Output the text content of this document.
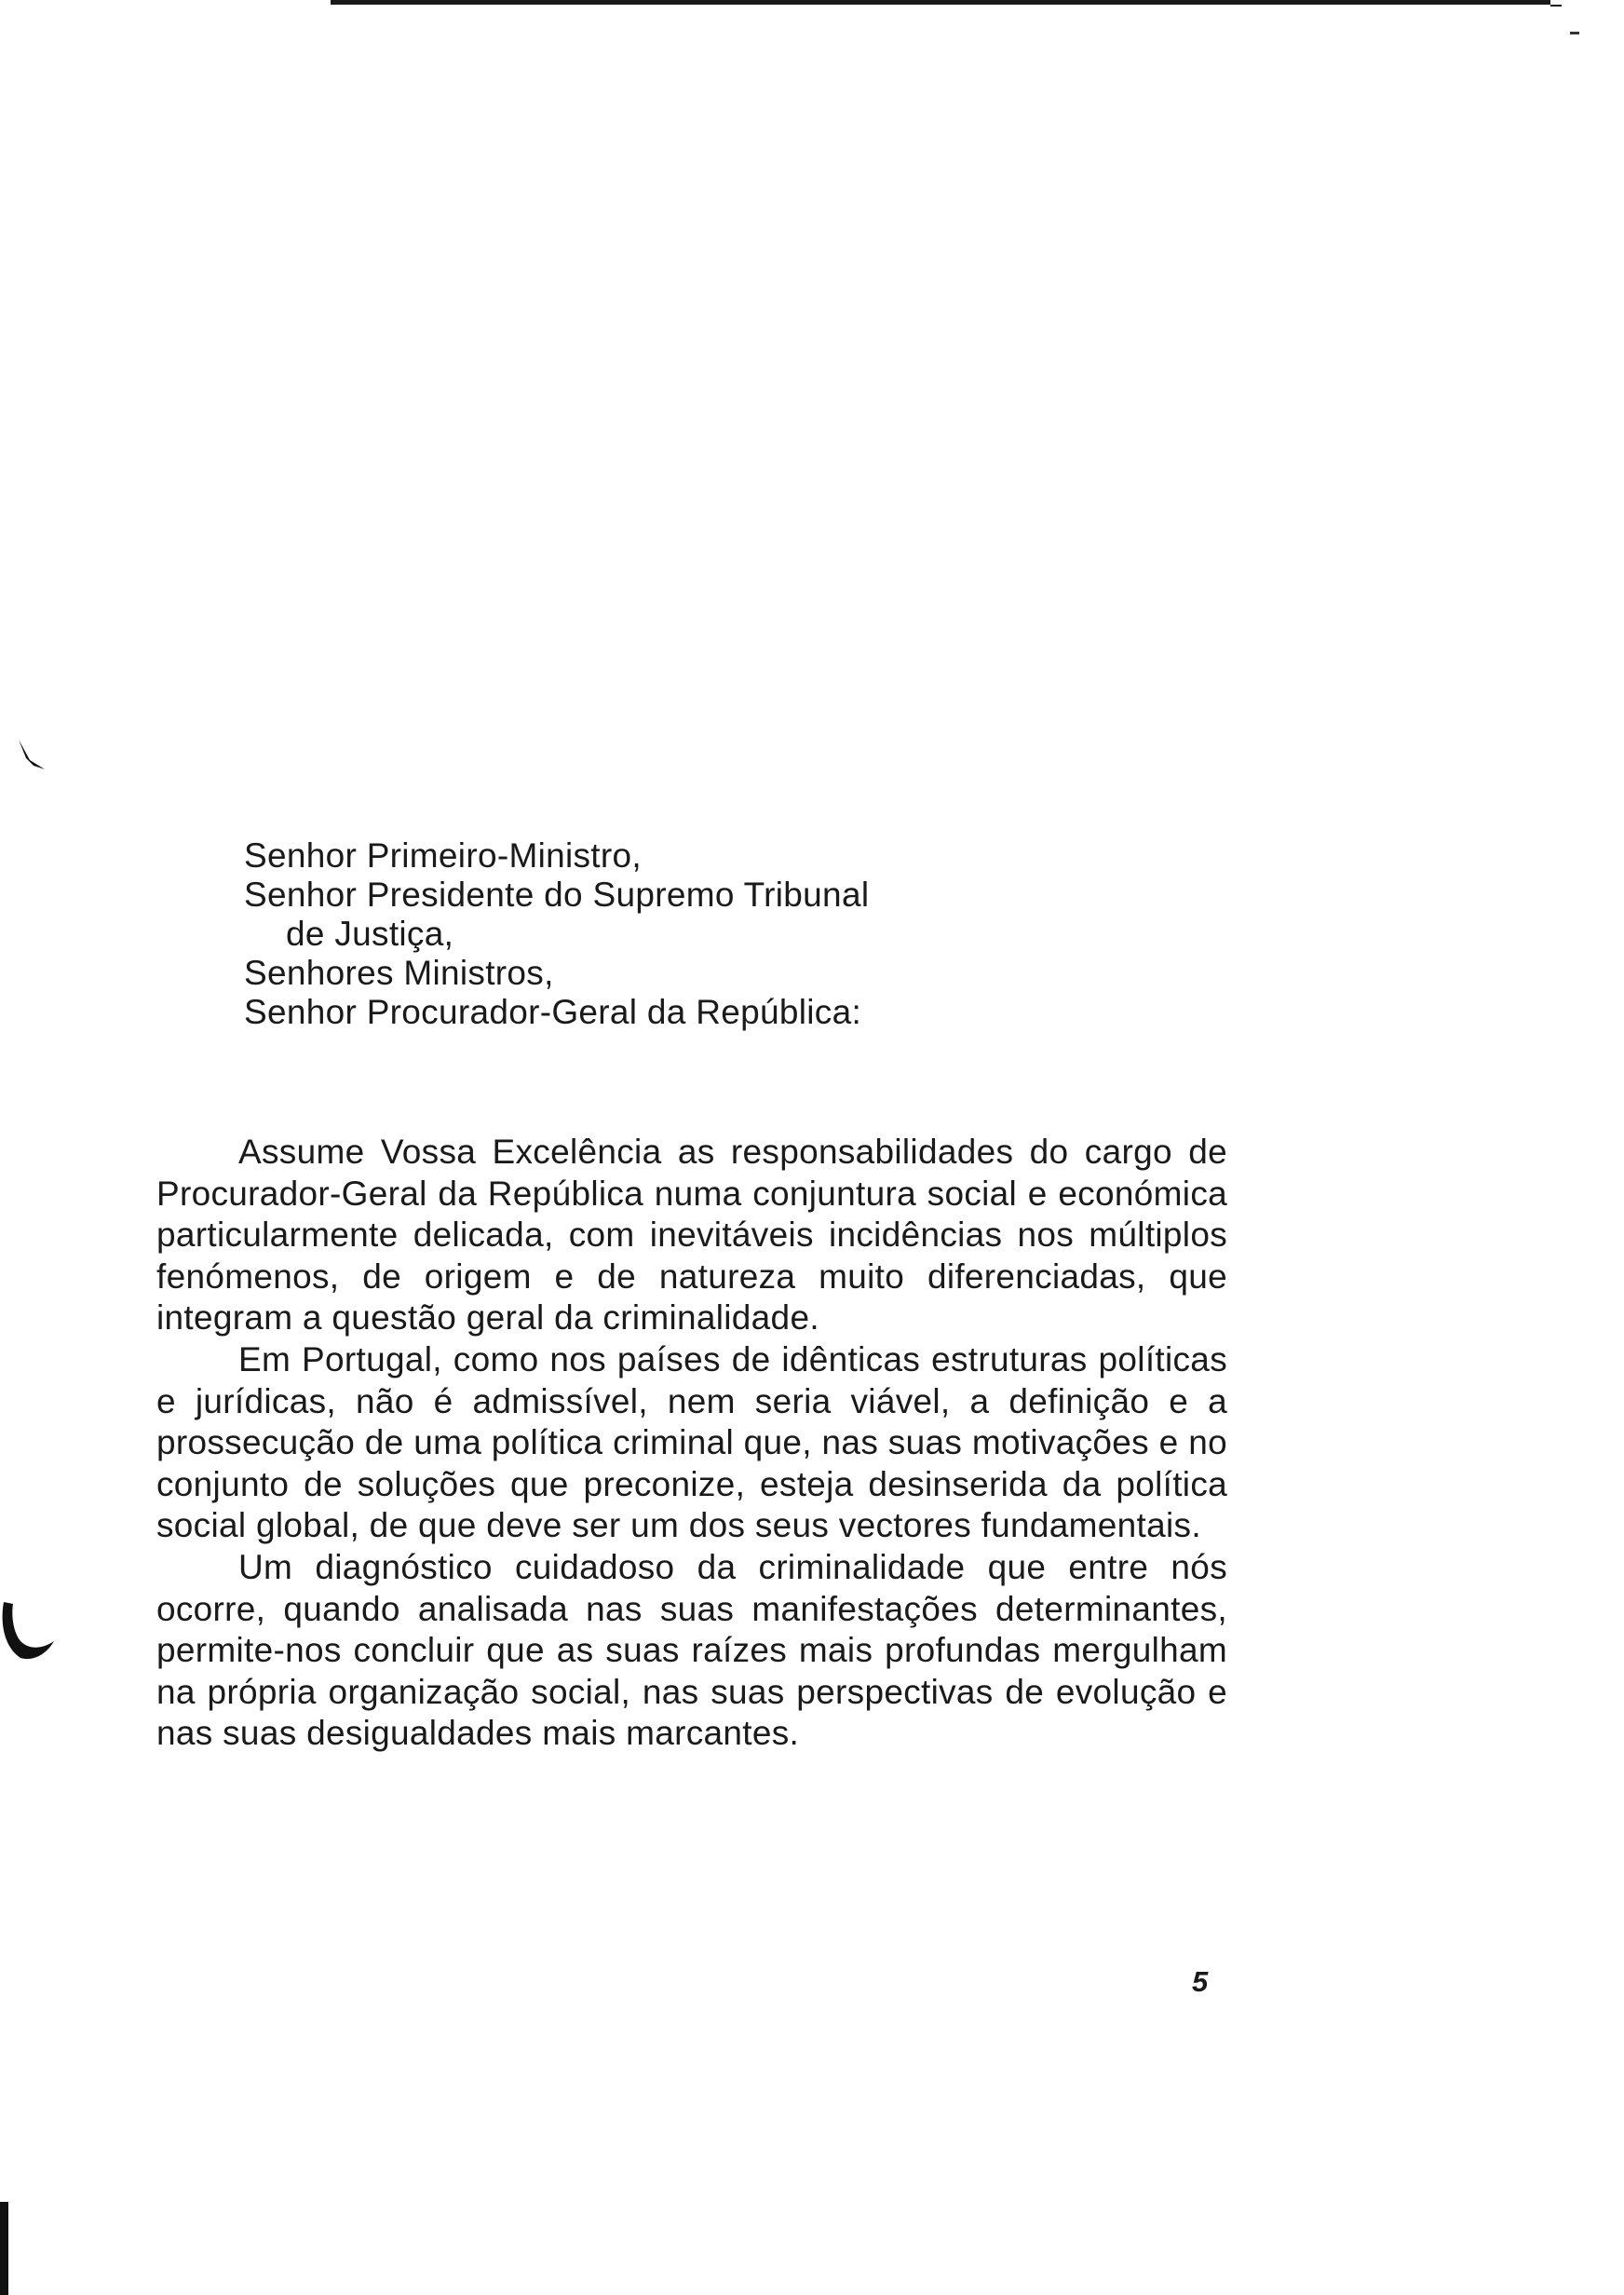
Senhor Primeiro-Ministro,
Senhor Presidente do Supremo Tribunal
de Justiça,
Senhores Ministros,
Senhor Procurador-Geral da República:

Assume Vossa Excelência as responsabilidades do cargo de Procurador-Geral da República numa conjuntura social e económica particularmente delicada, com inevitáveis incidências nos múltiplos fenómenos, de origem e de natureza muito diferenciadas, que integram a questão geral da criminalidade.

Em Portugal, como nos países de idênticas estruturas políticas e jurídicas, não é admissível, nem seria viável, a definição e a prossecução de uma política criminal que, nas suas motivações e no conjunto de soluções que preconize, esteja desinserida da política social global, de que deve ser um dos seus vectores fundamentais.

Um diagnóstico cuidadoso da criminalidade que entre nós ocorre, quando analisada nas suas manifestações determinantes, permite-nos concluir que as suas raízes mais profundas mergulham na própria organização social, nas suas perspectivas de evolução e nas suas desigualdades mais marcantes.

5
